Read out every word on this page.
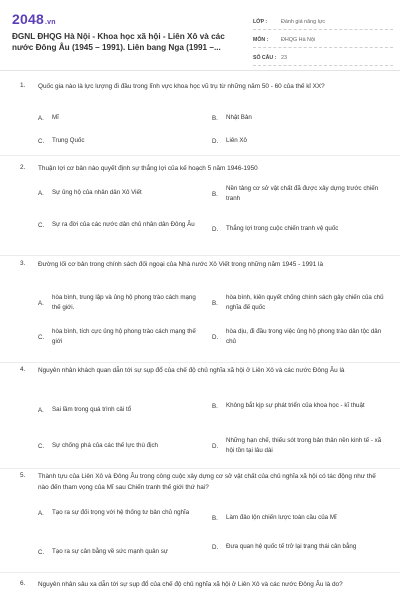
2048.vn
ĐGNL ĐHQG Hà Nội - Khoa học xã hội - Liên Xô và các nước Đông Âu (1945 – 1991). Liên bang Nga (1991 –...
LỚP :	Đánh giá năng lực
MÔN :	ĐHQG Hà Nội
SỐ CÂU : 23
1. Quốc gia nào là lực lượng đi đầu trong lĩnh vực khoa học vũ trụ từ những năm 50 - 60 của thế kỉ XX?
A.	Mĩ	B.	Nhật Bản
C.	Trung Quốc	D.	Liên Xô
2. Thuận lợi cơ bản nào quyết định sự thắng lợi của kế hoạch 5 năm 1946-1950
A.	Sự ủng hộ của nhân dân Xô Viết	B.
Nền tảng cơ sở vật chất đã được xây dựng trước chiến tranh
C.	Sự ra đời của các nước dân chủ nhân dân Đông Âu
D.	Thắng lợi trong cuộc chiến tranh vệ quốc
3. Đường lối cơ bản trong chính sách đối ngoại của Nhà nước Xô Viết trong những năm 1945 - 1991 là
A.
hòa bình, trung lập và ủng hộ phong trào cách mạng thế giới.
B.
hòa bình, kiên quyết chống chính sách gây chiến của chủ nghĩa đế quốc
C.
hòa bình, tích cực ủng hộ phong trào cách mạng thế giới
D.
hòa dịu, đi đầu trong việc ủng hộ phong trào dân tộc dân chủ
4. Nguyên nhân khách quan dẫn tới sự sụp đổ của chế độ chủ nghĩa xã hội ở Liên Xô và các nước Đông Âu là
A.	Sai lầm trong quá trình cải tổ	B.	Không bắt kịp sự phát triển của khoa học - kĩ thuật
C.	Sự chống phá của các thế lực thù địch	D.
Những hạn chế, thiếu sót trong bản thân nền kinh tế - xã hội tồn tại lâu dài
5. Thành tựu của Liên Xô và Đông Âu trong công cuộc xây dựng cơ sở vật chất của chủ nghĩa xã hội có tác động như thế nào đến tham vọng của Mĩ sau Chiến tranh thế giới thứ hai?
A.	Tạo ra sự đối trọng với hệ thống tư bản chủ nghĩa
B.	Làm đảo lộn chiến lược toàn cầu của Mĩ
C.	Tạo ra sự cân bằng về sức mạnh quân sự
D.	Đưa quan hệ quốc tế trở lại trạng thái cân bằng
6. Nguyên nhân sâu xa dẫn tới sự sụp đổ của chế độ chủ nghĩa xã hội ở Liên Xô và các nước Đông Âu là do?
